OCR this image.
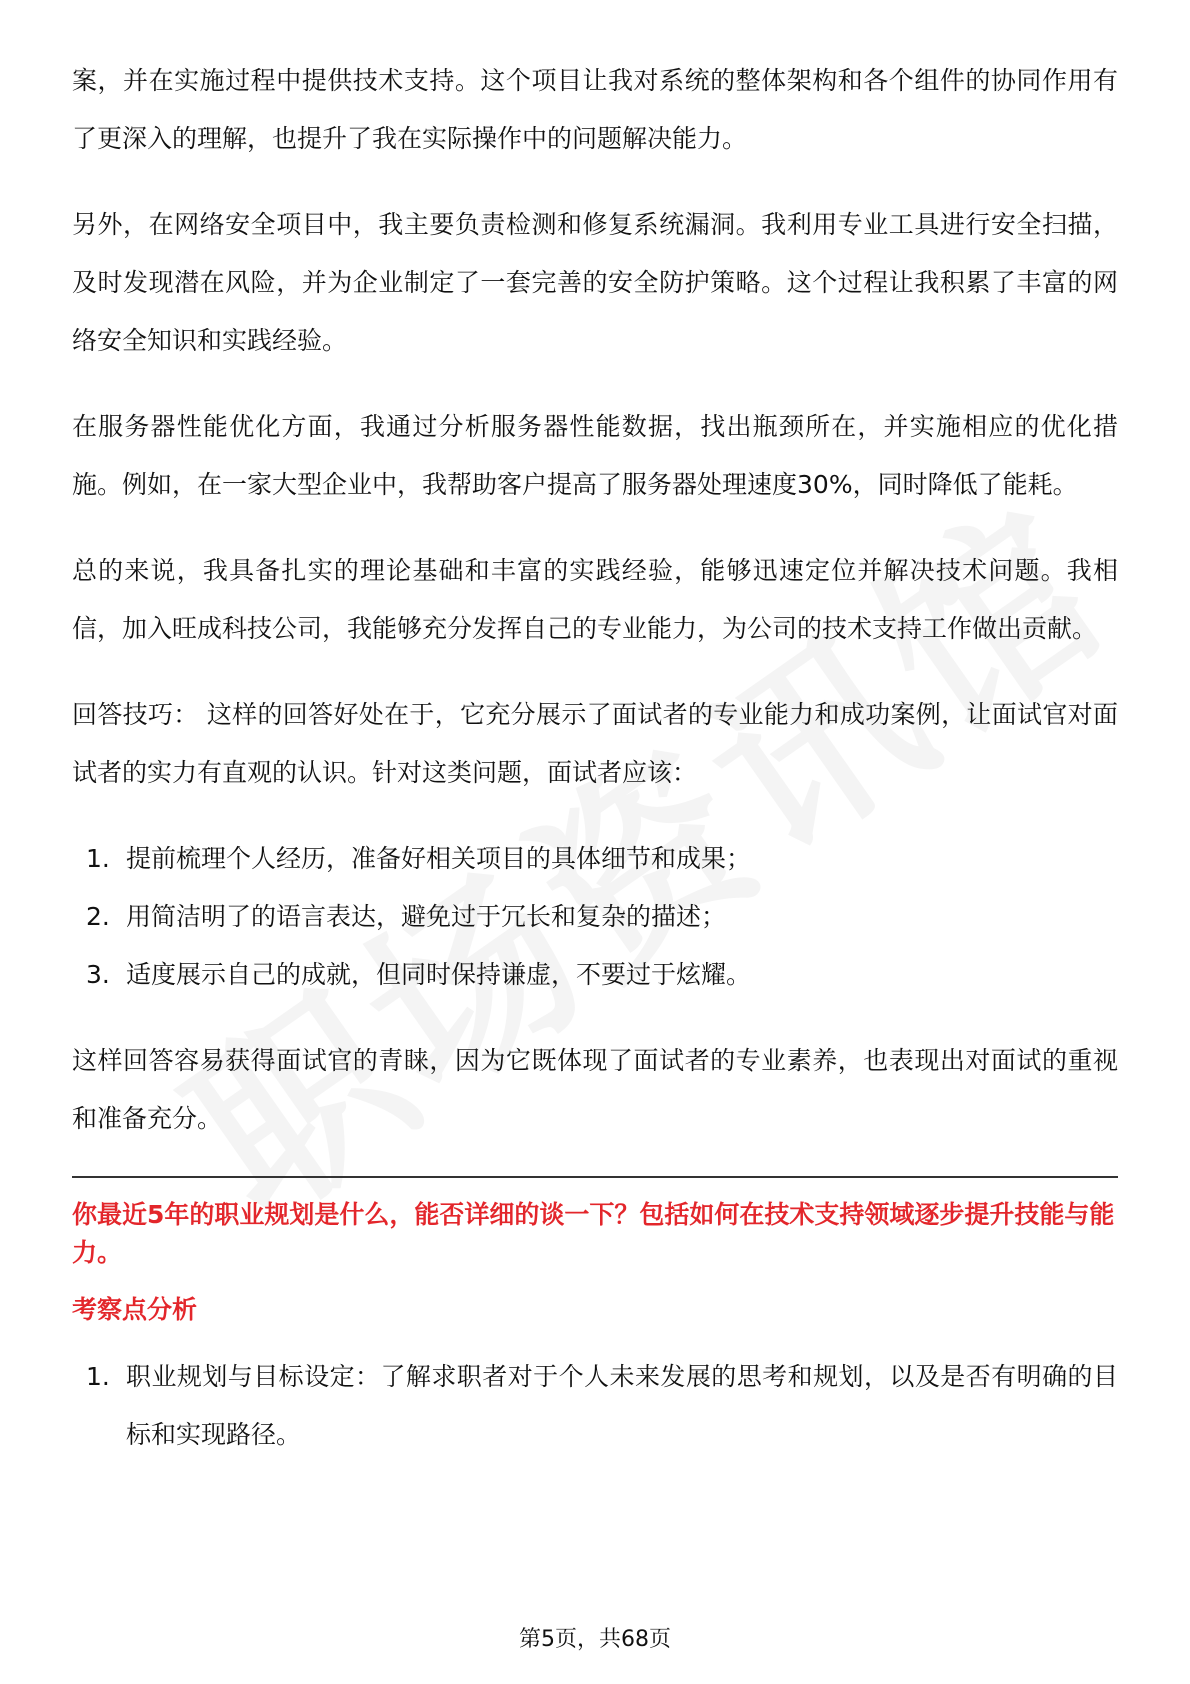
案，并在实施过程中提供技术支持。这个项目让我对系统的整体架构和各个组件的协同作用有了更深入的理解，也提升了我在实际操作中的问题解决能力。

另外，在网络安全项目中，我主要负责检测和修复系统漏洞。我利用专业工具进行安全扫描，及时发现潜在风险，并为企业制定了一套完善的安全防护策略。这个过程让我积累了丰富的网络安全知识和实践经验。

在服务器性能优化方面，我通过分析服务器性能数据，找出瓶颈所在，并实施相应的优化措施。例如，在一家大型企业中，我帮助客户提高了服务器处理速度30%，同时降低了能耗。

总的来说，我具备扎实的理论基础和丰富的实践经验，能够迅速定位并解决技术问题。我相信，加入旺成科技公司，我能够充分发挥自己的专业能力，为公司的技术支持工作做出贡献。

回答技巧： 这样的回答好处在于，它充分展示了面试者的专业能力和成功案例，让面试官对面试者的实力有直观的认识。针对这类问题，面试者应该：

1. 提前梳理个人经历，准备好相关项目的具体细节和成果；
2. 用简洁明了的语言表达，避免过于冗长和复杂的描述；
3. 适度展示自己的成就，但同时保持谦虚，不要过于炫耀。

这样回答容易获得面试官的青睐，因为它既体现了面试者的专业素养，也表现出对面试的重视和准备充分。

你最近5年的职业规划是什么，能否详细的谈一下？包括如何在技术支持领域逐步提升技能与能力。
考察点分析
1. 职业规划与目标设定：了解求职者对于个人未来发展的思考和规划，以及是否有明确的目标和实现路径。
第5页，共68页
